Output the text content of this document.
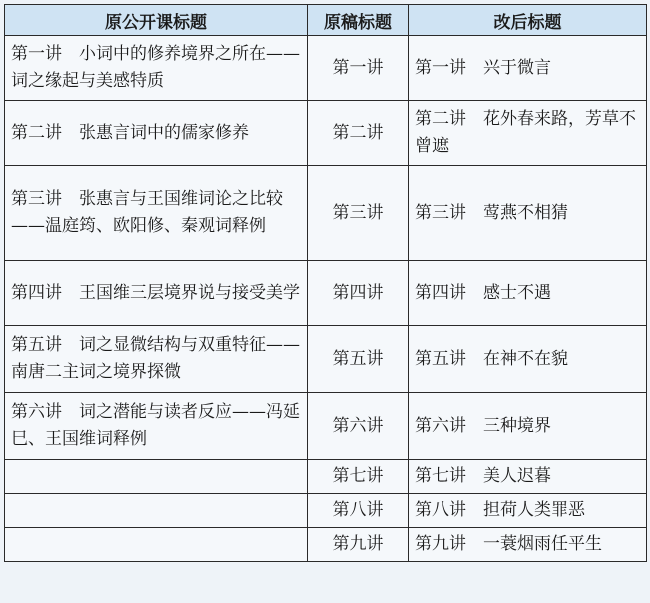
原公开课标题	原稿标题	改后标题
第一讲　小词中的修养境界之所在——词之缘起与美感特质	第一讲	第一讲　兴于微言
第二讲　张惠言词中的儒家修养	第二讲	第二讲　花外春来路，芳草不曾遮
第三讲　张惠言与王国维词论之比较——温庭筠、欧阳修、秦观词释例	第三讲	第三讲　莺燕不相猜
第四讲　王国维三层境界说与接受美学	第四讲	第四讲　感士不遇
第五讲　词之显微结构与双重特征——南唐二主词之境界探微	第五讲	第五讲　在神不在貌
第六讲　词之潜能与读者反应——冯延巳、王国维词释例	第六讲	第六讲　三种境界
	第七讲	第七讲　美人迟暮
	第八讲	第八讲　担荷人类罪恶
	第九讲	第九讲　一蓑烟雨任平生
